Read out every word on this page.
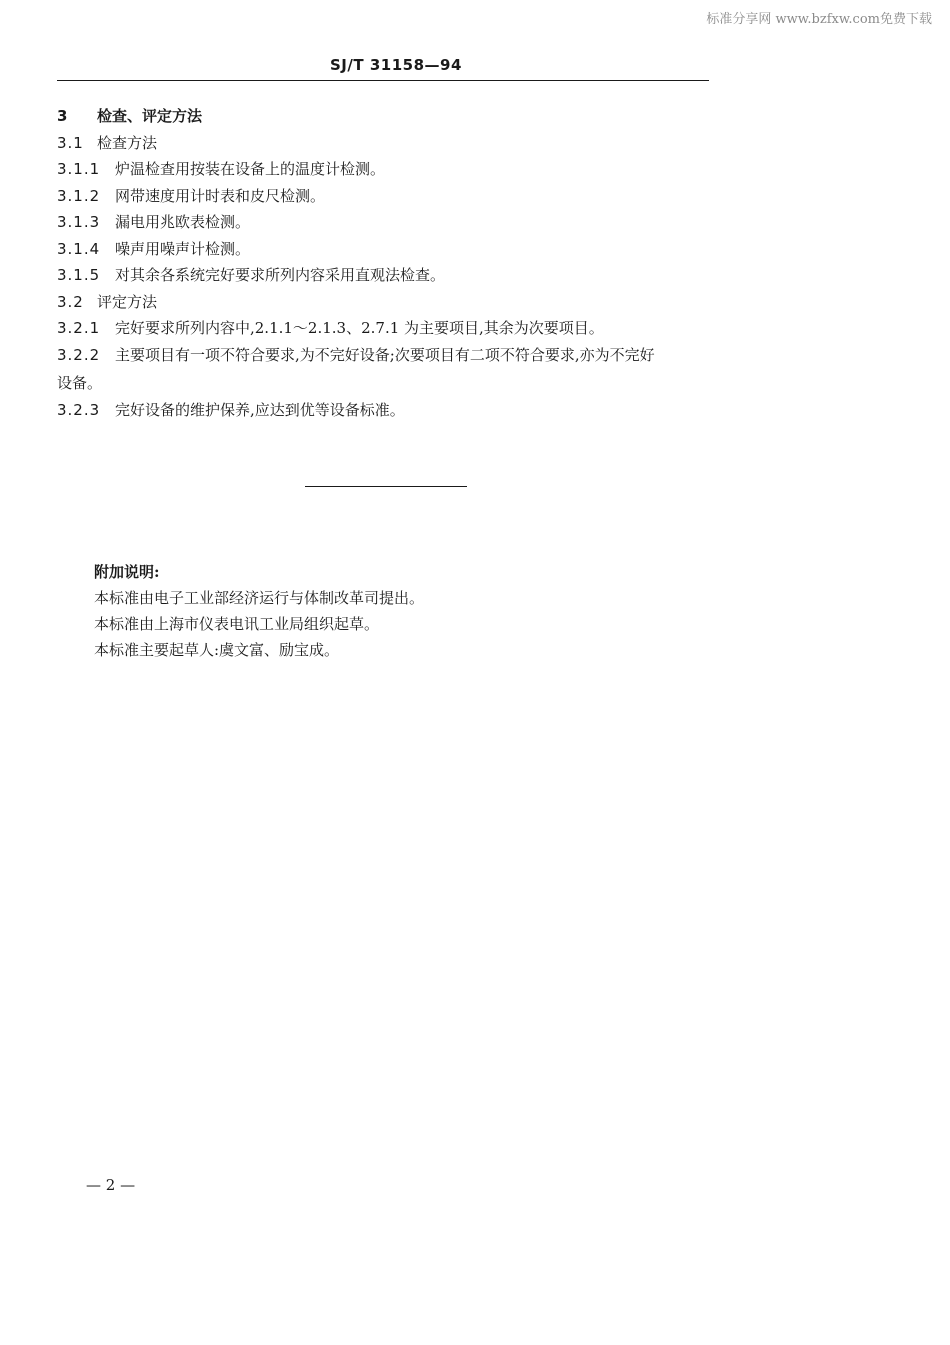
标准分享网 www.bzfxw.com免费下载
SJ/T 31158—94
3 检查、评定方法
3.1 检查方法
3.1.1 炉温检查用按装在设备上的温度计检测。
3.1.2 网带速度用计时表和皮尺检测。
3.1.3 漏电用兆欧表检测。
3.1.4 噪声用噪声计检测。
3.1.5 对其余各系统完好要求所列内容采用直观法检查。
3.2 评定方法
3.2.1 完好要求所列内容中,2.1.1～2.1.3、2.7.1 为主要项目,其余为次要项目。
3.2.2 主要项目有一项不符合要求,为不完好设备;次要项目有二项不符合要求,亦为不完好
设备。
3.2.3 完好设备的维护保养,应达到优等设备标准。
附加说明:
本标准由电子工业部经济运行与体制改革司提出。
本标准由上海市仪表电讯工业局组织起草。
本标准主要起草人:虞文富、励宝成。
— 2 —
